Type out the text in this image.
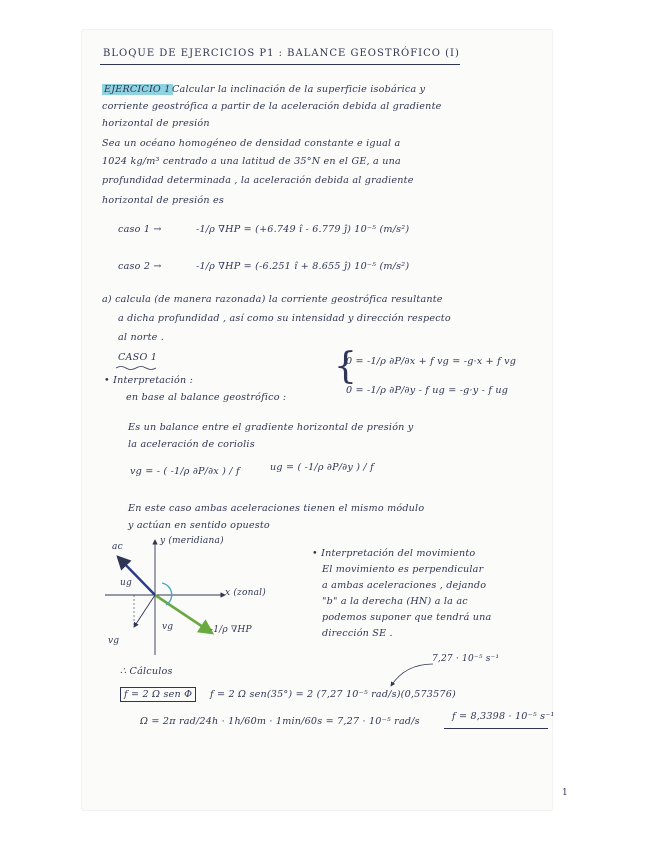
BLOQUE DE EJERCICIOS P1 : BALANCE GEOSTRÓFICO (I)
EJERCICIO 1 Calcular la inclinación de la superficie isobárica y
corriente geostrófica a partir de la aceleración debida al gradiente
horizontal de presión
Sea un océano homogéneo de densidad constante e igual a
1024 kg/m³ centrado a una latitud de 35°N en el GE, a una
profundidad determinada , la aceleración debida al gradiente
horizontal de presión es
caso 1 →	-1/ρ ∇HP = (+6.749 î - 6.779 ĵ) 10⁻⁵ (m/s²)
caso 2 →	-1/ρ ∇HP = (-6.251 î + 8.655 ĵ) 10⁻⁵ (m/s²)
a) calcula (de manera razonada) la corriente geostrófica resultante
a dicha profundidad , así como su intensidad y dirección respecto
al norte .
CASO 1
• Interpretación :
en base al balance geostrófico :
{
0 = -1/ρ ∂P/∂x + f vg = -g·x + f vg
0 = -1/ρ ∂P/∂y - f ug = -g·y - f ug
Es un balance entre el gradiente horizontal de presión y
la aceleración de coriolis
vg = - ( -1/ρ ∂P/∂x ) / f	ug = ( -1/ρ ∂P/∂y ) / f
En este caso ambas aceleraciones tienen el mismo módulo
y actúan en sentido opuesto
y (meridiana)
x (zonal)
ac
ug
vg
vg
-1/ρ ∇HP
• Interpretación del movimiento
El movimiento es perpendicular
a ambas aceleraciones , dejando
"b" a la derecha (HN) a la ac
podemos suponer que tendrá una
dirección SE .
∴ Cálculos
7,27 · 10⁻⁵ s⁻¹
f = 2 Ω sen Φ	f = 2 Ω sen(35°) = 2 (7,27 10⁻⁵ rad/s)(0,573576)
Ω = 2π rad/24h · 1h/60m · 1min/60s = 7,27 · 10⁻⁵ rad/s	f = 8,3398 · 10⁻⁵ s⁻¹
1
